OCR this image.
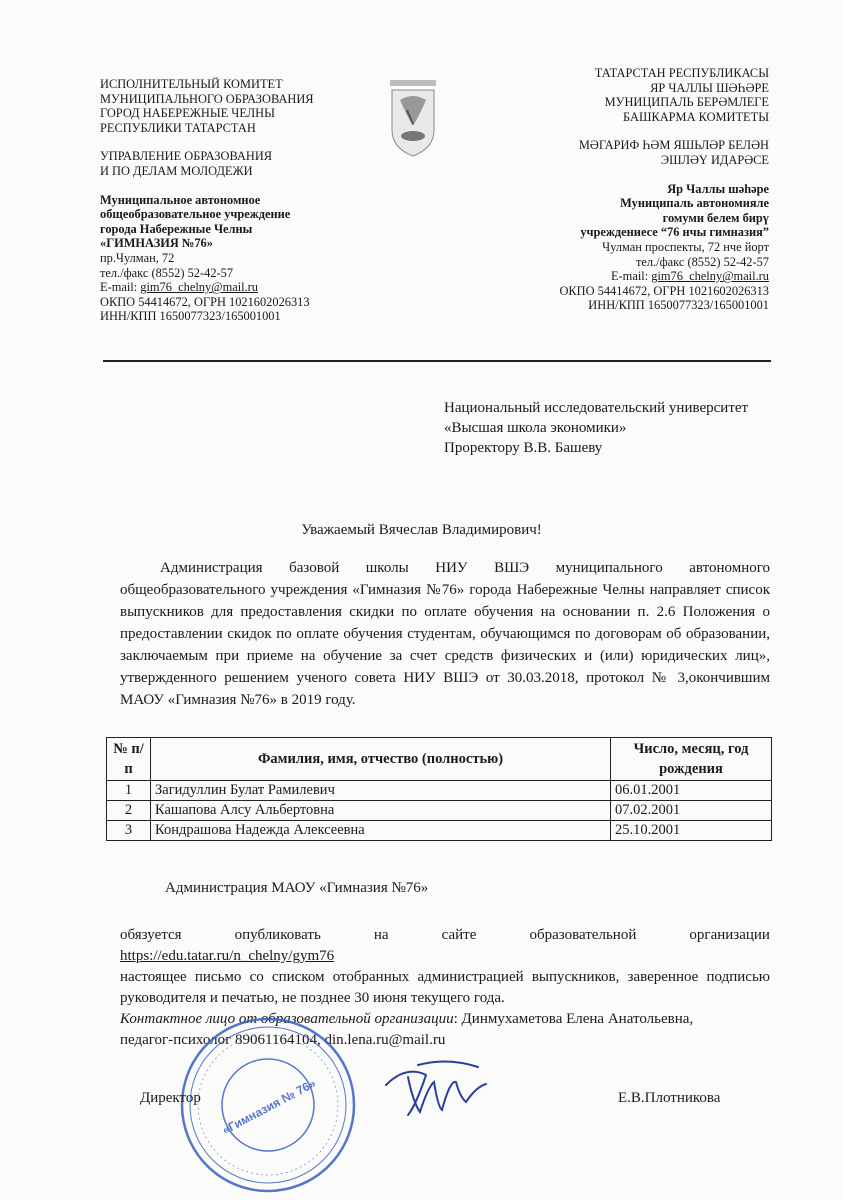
ИСПОЛНИТЕЛЬНЫЙ КОМИТЕТ
МУНИЦИПАЛЬНОГО ОБРАЗОВАНИЯ
ГОРОД НАБЕРЕЖНЫЕ ЧЕЛНЫ
РЕСПУБЛИКИ ТАТАРСТАН
УПРАВЛЕНИЕ ОБРАЗОВАНИЯ
И ПО ДЕЛАМ МОЛОДЕЖИ
Муниципальное автономное
общеобразовательное учреждение
города Набережные Челны
«ГИМНАЗИЯ №76»
пр.Чулман, 72
тел./факс (8552) 52-42-57
E-mail: gim76_chelny@mail.ru
ОКПО 54414672, ОГРН 1021602026313
ИНН/КПП 1650077323/165001001
ТАТАРСТАН РЕСПУБЛИКАСЫ
ЯР ЧАЛЛЫ ШӘҺӘРЕ
МУНИЦИПАЛЬ БЕРӘМЛЕГЕ
БАШКАРМА КОМИТЕТЫ
МӘГАРИФ ҺӘМ ЯШЬЛӘР БЕЛӘН
ЭШЛӘҮ ИДАРӘСЕ
Яр Чаллы шәһәре
Муниципаль автономияле
гомуми белем бирү
учреждениесе “76 нчы гимназия”
Чулман проспекты, 72 нче йорт
тел./факс (8552) 52-42-57
E-mail: gim76_chelny@mail.ru
ОКПО 54414672, ОГРН 1021602026313
ИНН/КПП 1650077323/165001001
Национальный исследовательский университет
«Высшая школа экономики»
Проректору В.В. Башеву
Уважаемый Вячеслав Владимирович!

Администрация базовой школы НИУ ВШЭ муниципального автономного общеобразовательного учреждения «Гимназия №76» города Набережные Челны направляет список выпускников для предоставления скидки по оплате обучения на основании п. 2.6 Положения о предоставлении скидок по оплате обучения студентам, обучающимся по договорам об образовании, заключаемым при приеме на обучение за счет средств физических и (или) юридических лиц», утвержденного решением ученого совета НИУ ВШЭ от 30.03.2018, протокол № 3,окончившим МАОУ «Гимназия №76» в 2019 году.

№ п/п	Фамилия, имя, отчество (полностью)	Число, месяц, год рождения
1	Загидуллин Булат Рамилевич	06.01.2001
2	Кашапова Алсу Альбертовна	07.02.2001
3	Кондрашова Надежда Алексеевна	25.10.2001
Администрация МАОУ «Гимназия №76»
обязуется	опубликовать	на	сайте	образовательной	организации
https://edu.tatar.ru/n_chelny/gym76
настоящее письмо со списком отобранных администрацией выпускников, заверенное подписью руководителя и печатью, не позднее 30 июня текущего года.
Контактное лицо от образовательной организации: Динмухаметова Елена Анатольевна,
педагог-психолог 89061164104, din.lena.ru@mail.ru
«Гимназия № 76»
Директор	Е.В.Плотникова
